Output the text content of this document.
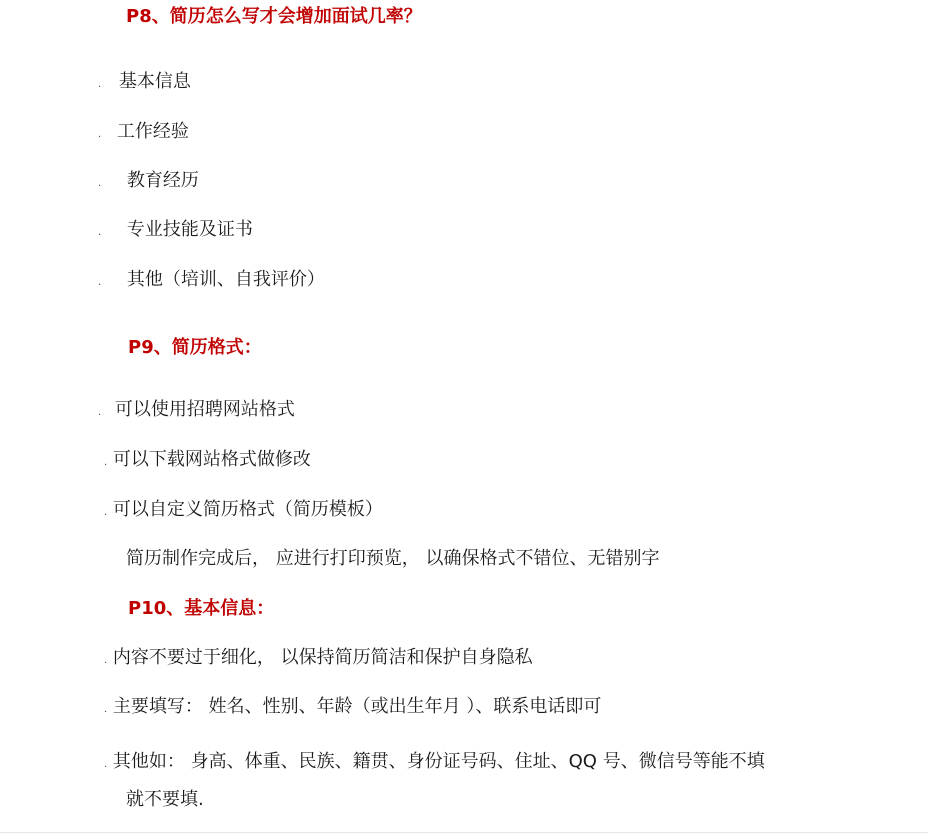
P8、简历怎么写才会增加面试几率？
. 基本信息
. 工作经验
. 教育经历
. 专业技能及证书
. 其他（培训、自我评价）
P9、简历格式：
. 可以使用招聘网站格式
. 可以下载网站格式做修改
. 可以自定义简历格式（简历模板）
简历制作完成后， 应进行打印预览， 以确保格式不错位、无错别字
P10、基本信息：
. 内容不要过于细化， 以保持简历简洁和保护自身隐私
. 主要填写： 姓名、性别、年龄（或出生年月 ）、联系电话即可
. 其他如： 身高、体重、民族、籍贯、身份证号码、住址、QQ 号、微信号等能不填
就不要填.
